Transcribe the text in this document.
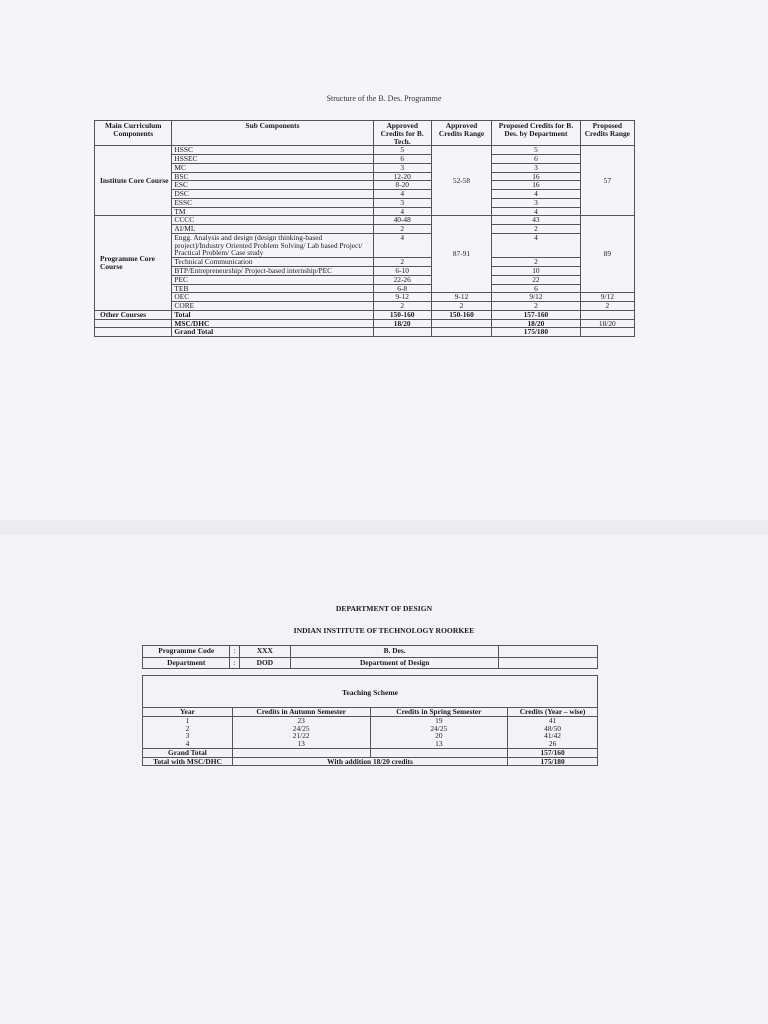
Structure of the B. Des. Programme
Main Curriculum Components	Sub Components	Approved Credits for B. Tech.	Approved Credits Range	Proposed Credits for B. Des. by Department	Proposed Credits Range
Institute Core Course	HSSC	5	52-58	5	57
	HSSEC	6		6	
	MC	3		3	
	BSC	12-20		16	
	ESC	8-20		16	
	DSC	4		4	
	ESSC	3		3	
	TM	4		4	
Programme Core Course	CCCC	40-48	87-91	43	89
	AI/ML	2		2	
	Engg. Analysis and design (design thinking-based project)/Industry Oriented Problem Solving/ Lab based Project/ Practical Problem/ Case study	4		4	
	Technical Communication	2		2	
	BTP/Entrepreneurship/ Project-based internship/PEC	6-10		10	
	PEC	22-26		22	
	TEB	6-8		6	
	OEC	9-12	9-12	9/12	9/12
	CORE	2	2	2	2
Other Courses	Total	150-160	150-160	157-160	
	MSC/DHC	18/20		18/20	18/20
	Grand Total			175/180	
DEPARTMENT OF DESIGN
INDIAN INSTITUTE OF TECHNOLOGY ROORKEE
Programme Code	:	XXX	B. Des.	
Department	:	DOD	Department of Design	
Teaching Scheme
Year	Credits in Autumn Semester	Credits in Spring Semester	Credits (Year – wise)
1	23	19	41
2	24/25	24/25	48/50
3	21/22	20	41/42
4	13	13	26
Grand Total			157/160
Total with MSC/DHC	With addition 18/20 credits		175/180
